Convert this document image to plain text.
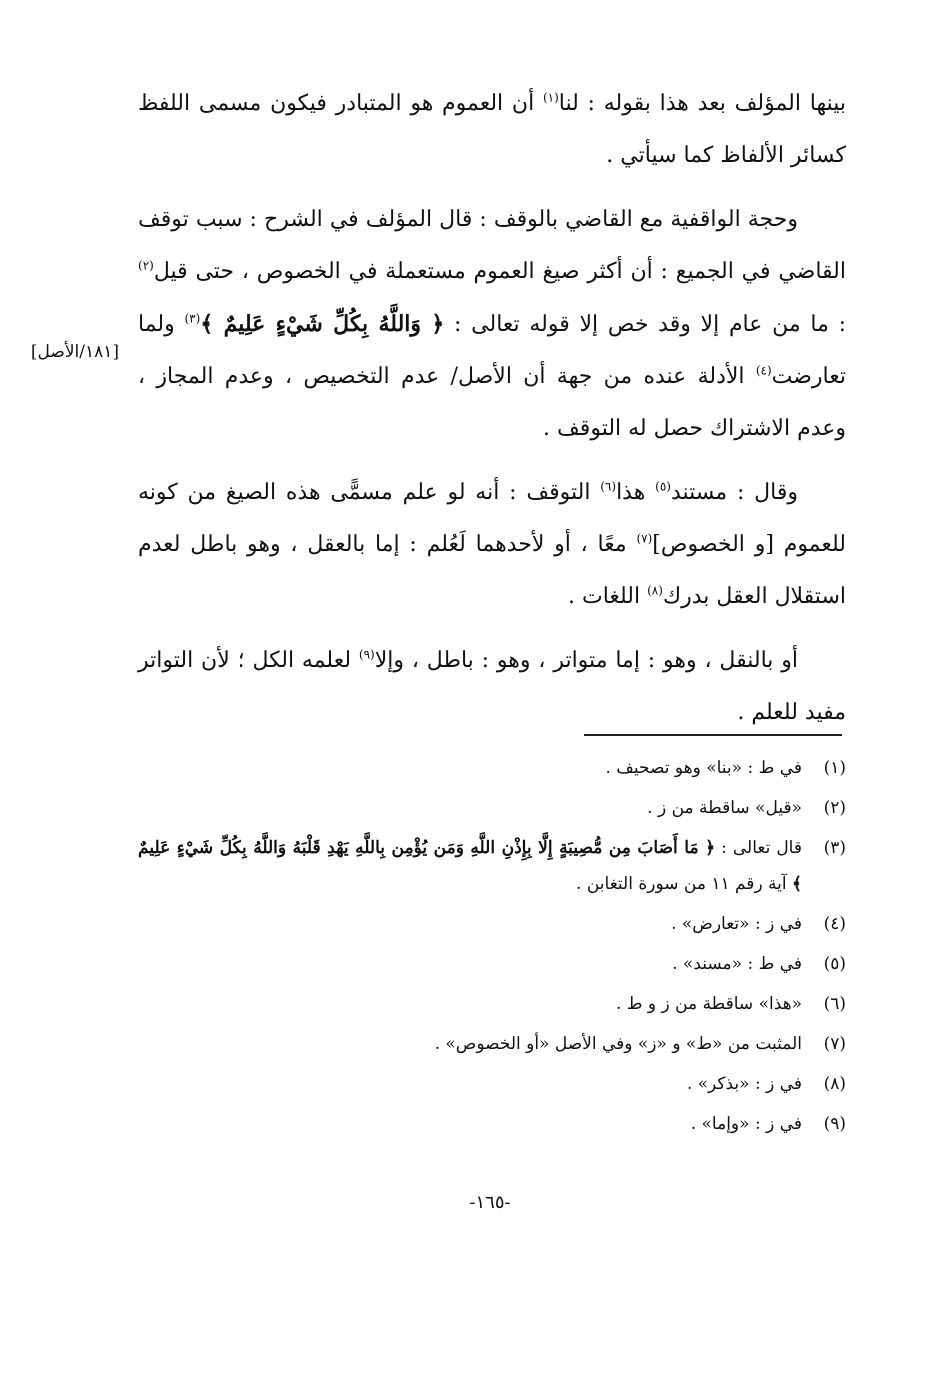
بينها المؤلف بعد هذا بقوله : لنا$^{(١)}$ أن العموم هو المتبادر فيكون مسمى اللفظ كسائر الألفاظ كما سيأتي .

وحجة الواقفية مع القاضي بالوقف : قال المؤلف في الشرح : سبب توقف القاضي في الجميع : أن أكثر صيغ العموم مستعملة في الخصوص ، حتى قيل$^{(٢)}$ : ما من عام إلا وقد خص إلا قوله تعالى : ﴿ وَاللَّهُ بِكُلِّ شَيْءٍ عَلِيمٌ ﴾$^{(٣)}$ ولما تعارضت$^{(٤)}$ الأدلة عنده من جهة أن الأصل/ عدم التخصيص ، وعدم المجاز ، وعدم الاشتراك حصل له التوقف .

وقال : مستند$^{(٥)}$ هذا$^{(٦)}$ التوقف : أنه لو علم مسمًّى هذه الصيغ من كونه للعموم [و الخصوص]$^{(٧)}$ معًا ، أو لأحدهما لَعُلم : إما بالعقل ، وهو باطل لعدم استقلال العقل بدرك$^{(٨)}$ اللغات .

أو بالنقل ، وهو : إما متواتر ، وهو : باطل ، وإلا$^{(٩)}$ لعلمه الكل ؛ لأن التواتر مفيد للعلم .

[١٨١/الأصل]
(١)
في ط : «بنا» وهو تصحيف .
(٢)
«قيل» ساقطة من ز .
(٣)
قال تعالى : ﴿ مَا أَصَابَ مِن مُّصِيبَةٍ إِلَّا بِإِذْنِ اللَّهِ وَمَن يُؤْمِن بِاللَّهِ يَهْدِ قَلْبَهُ وَاللَّهُ بِكُلِّ شَيْءٍ عَلِيمٌ ﴾ آية رقم ١١ من سورة التغابن .
(٤)
في ز : «تعارض» .
(٥)
في ط : «مسند» .
(٦)
«هذا» ساقطة من ز و ط .
(٧)
المثبت من «ط» و «ز» وفي الأصل «أو الخصوص» .
(٨)
في ز : «بذكر» .
(٩)
في ز : «وإما» .
-١٦٥-
